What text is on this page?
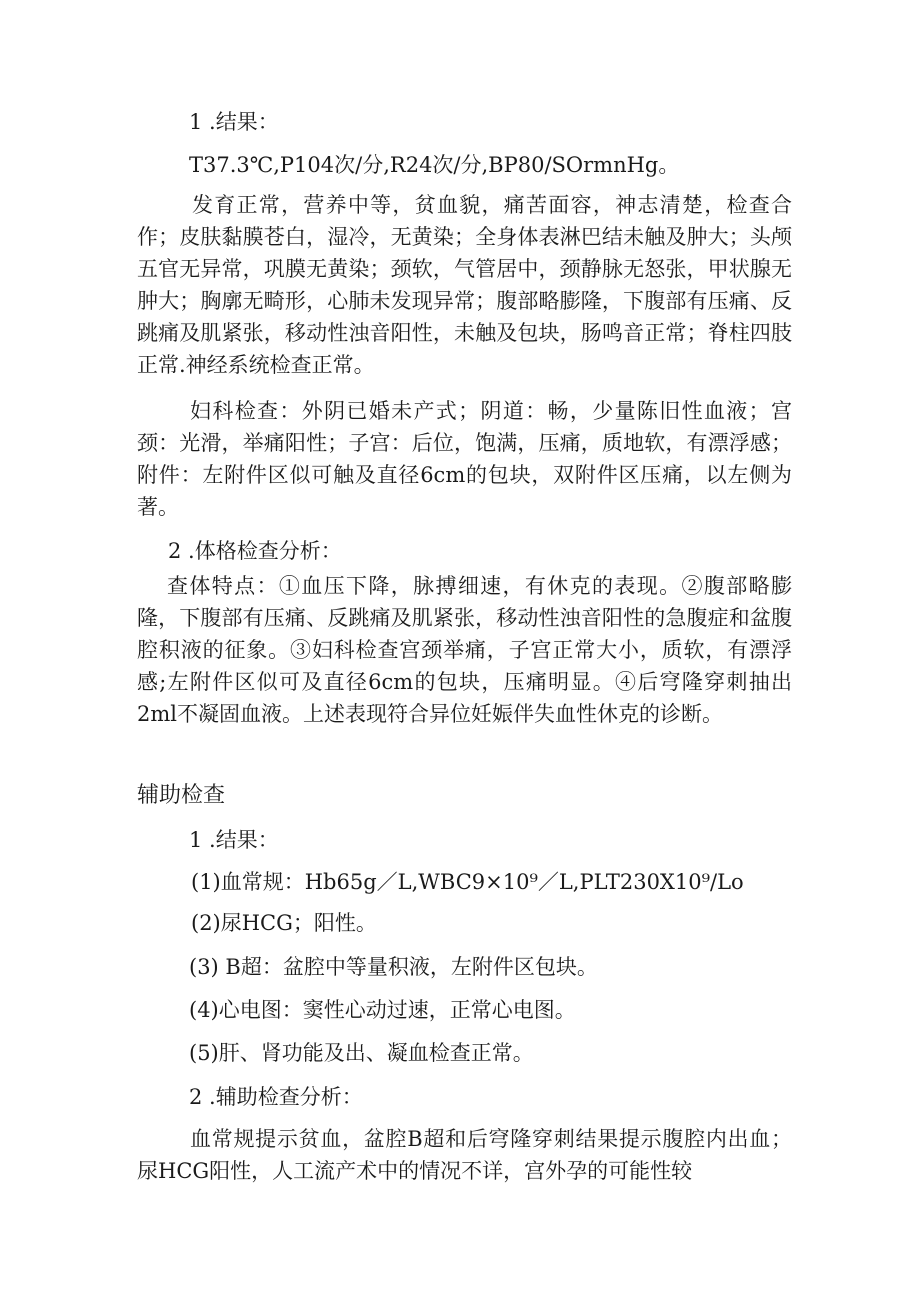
1 .结果：
T37.3℃,P104次/分,R24次/分,BP80/SOrmnHg。
发育正常，营养中等，贫血貌，痛苦面容，神志清楚，检查合作；皮肤黏膜苍白，湿冷，无黄染；全身体表淋巴结未触及肿大；头颅五官无异常，巩膜无黄染；颈软，气管居中，颈静脉无怒张，甲状腺无肿大；胸廓无畸形，心肺未发现异常；腹部略膨隆，下腹部有压痛、反跳痛及肌紧张，移动性浊音阳性，未触及包块，肠鸣音正常；脊柱四肢正常.神经系统检查正常。
妇科检查：外阴已婚未产式；阴道：畅，少量陈旧性血液；宫颈：光滑，举痛阳性；子宫：后位，饱满，压痛，质地软，有漂浮感；附件：左附件区似可触及直径6cm的包块，双附件区压痛，以左侧为著。
2 .体格检查分析：
查体特点：①血压下降，脉搏细速，有休克的表现。②腹部略膨隆，下腹部有压痛、反跳痛及肌紧张，移动性浊音阳性的急腹症和盆腹腔积液的征象。③妇科检查宫颈举痛，子宫正常大小，质软，有漂浮感;左附件区似可及直径6cm的包块，压痛明显。④后穹隆穿刺抽出2ml不凝固血液。上述表现符合异位妊娠伴失血性休克的诊断。
辅助检查
1 .结果：
(1)血常规：Hb65g／L,WBC9×10⁹／L,PLT230X10⁹/Lo
(2)尿HCG；阳性。
(3) B超：盆腔中等量积液，左附件区包块。
(4)心电图：窦性心动过速，正常心电图。
(5)肝、肾功能及出、凝血检查正常。
2 .辅助检查分析：
血常规提示贫血，盆腔B超和后穹隆穿刺结果提示腹腔内出血；尿HCG阳性，人工流产术中的情况不详，宫外孕的可能性较
